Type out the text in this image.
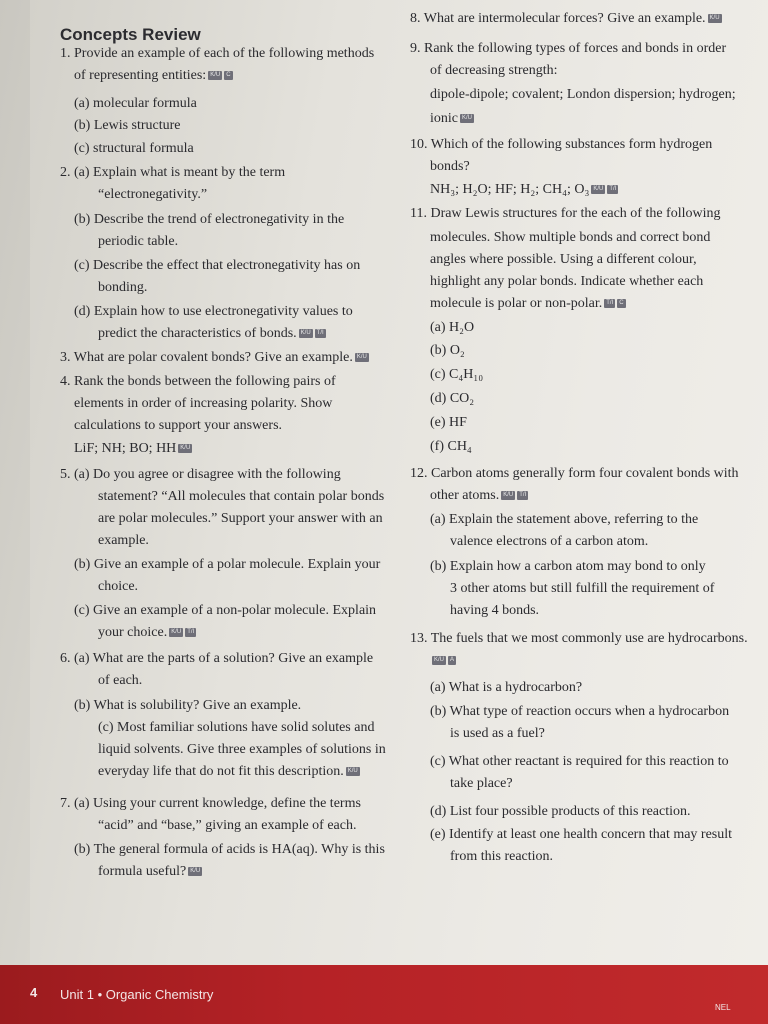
Concepts Review
1. Provide an example of each of the following methods
of representing entities: K/U C
(a) molecular formula
(b) Lewis structure
(c) structural formula
2. (a) Explain what is meant by the term
“electronegativity.”
(b) Describe the trend of electronegativity in the
periodic table.
(c) Describe the effect that electronegativity has on
bonding.
(d) Explain how to use electronegativity values to
predict the characteristics of bonds. K/U T/I
3. What are polar covalent bonds? Give an example. K/U
4. Rank the bonds between the following pairs of
elements in order of increasing polarity. Show
calculations to support your answers.
LiF; NH; BO; HH K/U
5. (a) Do you agree or disagree with the following
statement? “All molecules that contain polar bonds
are polar molecules.” Support your answer with an
example.
(b) Give an example of a polar molecule. Explain your
choice.
(c) Give an example of a non-polar molecule. Explain
your choice. K/U T/I
6. (a) What are the parts of a solution? Give an example
of each.
(b) What is solubility? Give an example.
(c) Most familiar solutions have solid solutes and
liquid solvents. Give three examples of solutions in
everyday life that do not fit this description. K/U
7. (a) Using your current knowledge, define the terms
“acid” and “base,” giving an example of each.
(b) The general formula of acids is HA(aq). Why is this
formula useful? K/U
8. What are intermolecular forces? Give an example. K/U
9. Rank the following types of forces and bonds in order
of decreasing strength:
dipole-dipole; covalent; London dispersion; hydrogen;
ionic K/U
10. Which of the following substances form hydrogen
bonds?
NH₃; H₂O; HF; H₂; CH₄; O₃ K/U T/I
11. Draw Lewis structures for the each of the following
molecules. Show multiple bonds and correct bond
angles where possible. Using a different colour,
highlight any polar bonds. Indicate whether each
molecule is polar or non-polar. T/I C
(a) H₂O
(b) O₂
(c) C₄H₁₀
(d) CO₂
(e) HF
(f) CH₄
12. Carbon atoms generally form four covalent bonds with
other atoms. K/U T/I
(a) Explain the statement above, referring to the
valence electrons of a carbon atom.
(b) Explain how a carbon atom may bond to only
3 other atoms but still fulfill the requirement of
having 4 bonds.
13. The fuels that we most commonly use are hydrocarbons.
K/U A
(a) What is a hydrocarbon?
(b) What type of reaction occurs when a hydrocarbon
is used as a fuel?
(c) What other reactant is required for this reaction to
take place?
(d) List four possible products of this reaction.
(e) Identify at least one health concern that may result
from this reaction.
4 Unit 1 • Organic Chemistry
NEL
